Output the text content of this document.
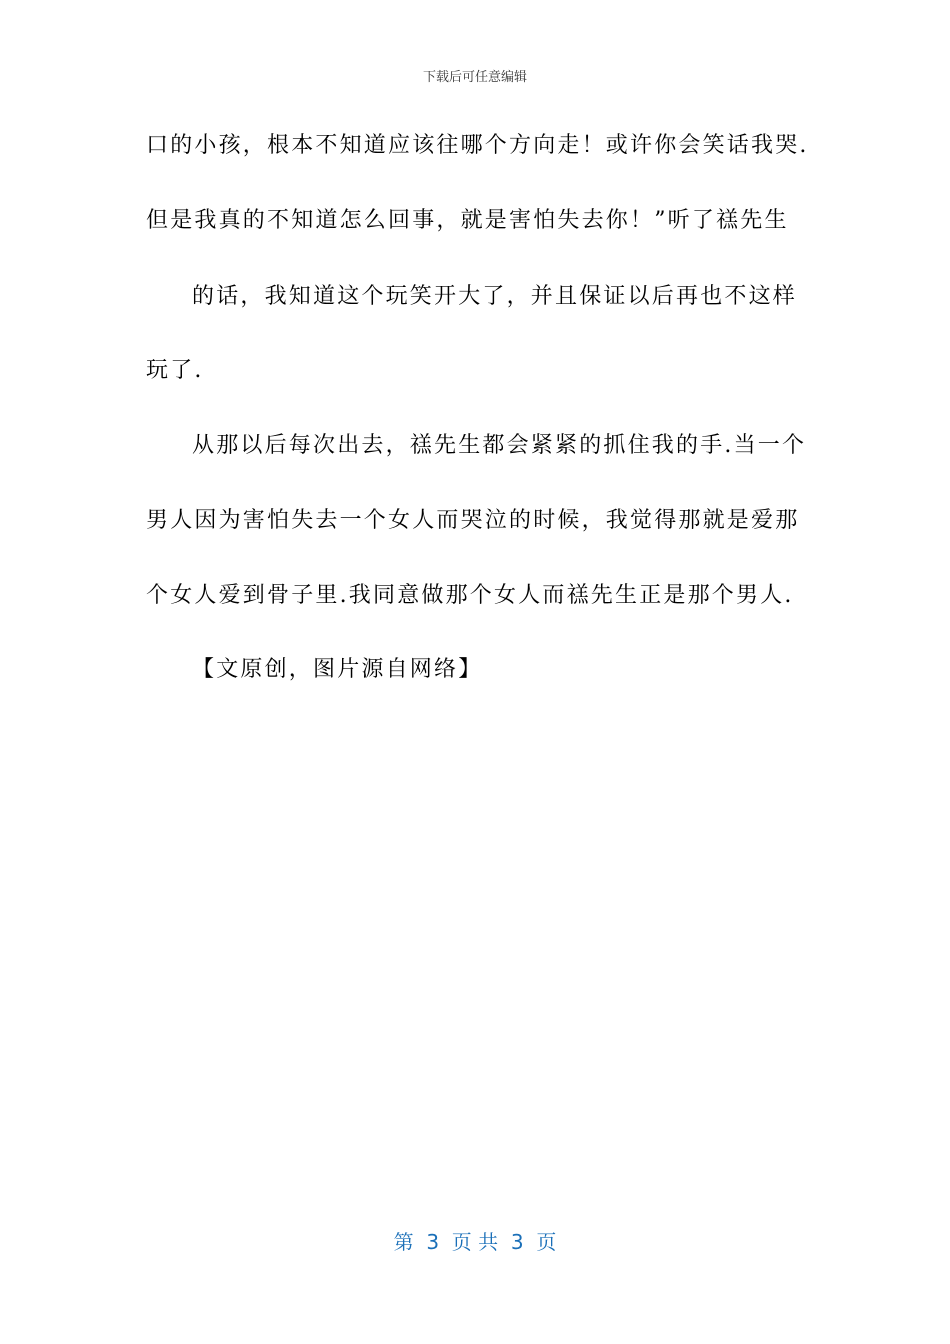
下载后可任意编辑
口的小孩，根本不知道应该往哪个方向走！或许你会笑话我哭.
但是我真的不知道怎么回事，就是害怕失去你！”听了禚先生
的话，我知道这个玩笑开大了，并且保证以后再也不这样
玩了.
从那以后每次出去，禚先生都会紧紧的抓住我的手.当一个
男人因为害怕失去一个女人而哭泣的时候，我觉得那就是爱那
个女人爱到骨子里.我同意做那个女人而禚先生正是那个男人.
【文原创，图片源自网络】
第  3  页 共  3  页
